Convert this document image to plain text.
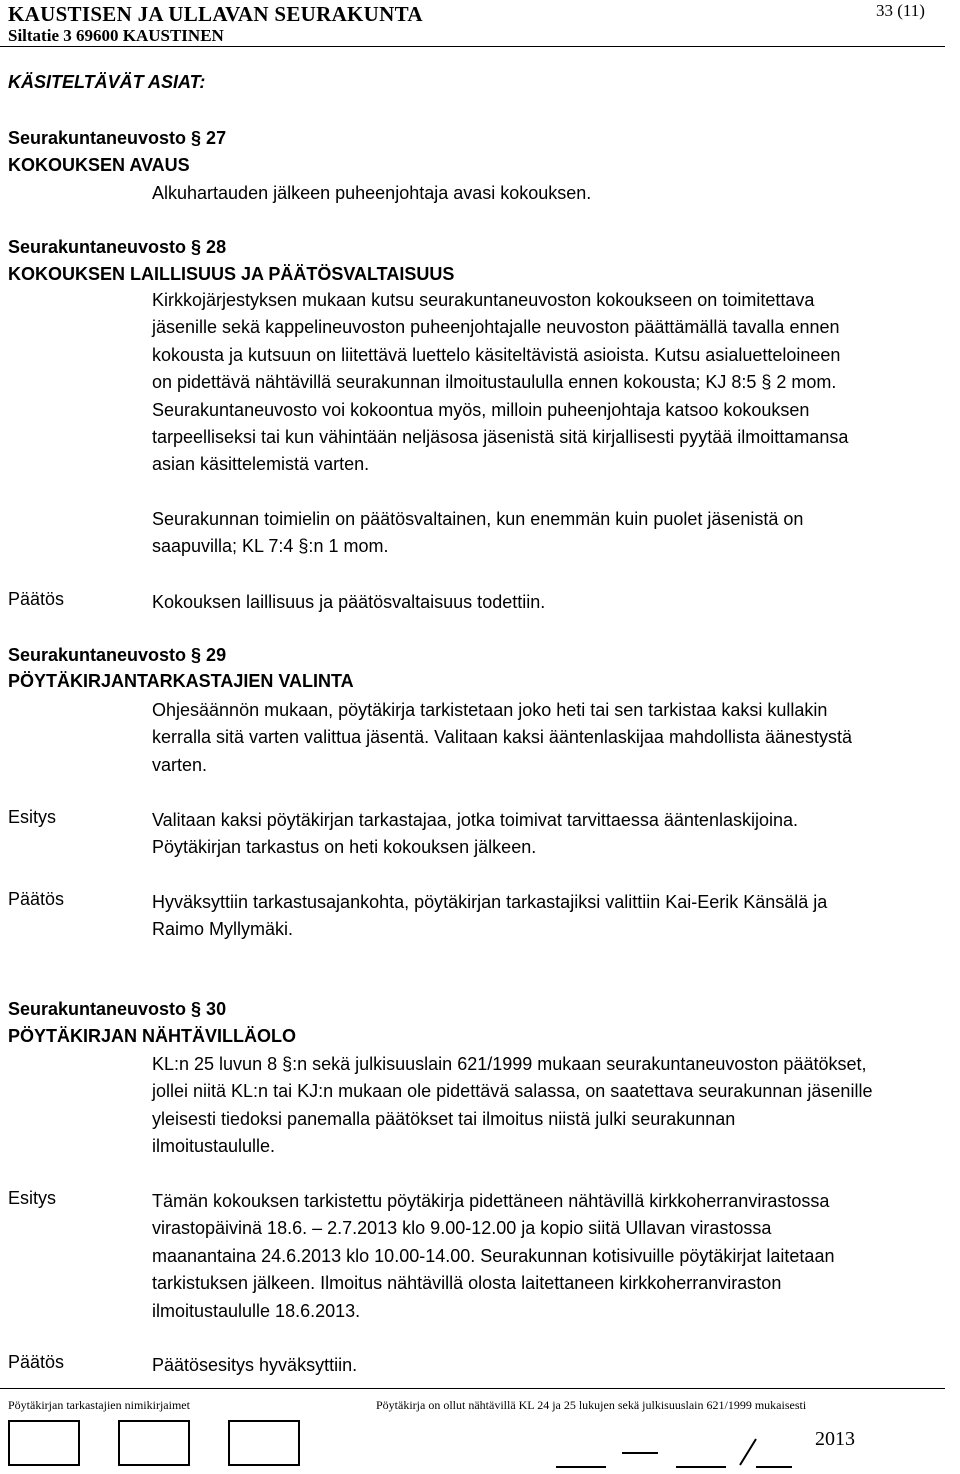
KAUSTISEN JA ULLAVAN SEURAKUNTA
Siltatie 3 69600 KAUSTINEN
33 (11)
KÄSITELTÄVÄT ASIAT:
Seurakuntaneuvosto § 27
KOKOUKSEN AVAUS
Alkuhartauden jälkeen puheenjohtaja avasi kokouksen.
Seurakuntaneuvosto § 28
KOKOUKSEN LAILLISUUS JA PÄÄTÖSVALTAISUUS
Kirkkojärjestyksen mukaan kutsu seurakuntaneuvoston kokoukseen on toimitettava
jäsenille sekä kappelineuvoston puheenjohtajalle neuvoston päättämällä tavalla ennen
kokousta ja kutsuun on liitettävä luettelo käsiteltävistä asioista. Kutsu asialuetteloineen
on pidettävä nähtävillä seurakunnan ilmoitustaululla ennen kokousta; KJ 8:5 § 2 mom.
Seurakuntaneuvosto voi kokoontua myös, milloin puheenjohtaja katsoo kokouksen
tarpeelliseksi tai kun vähintään neljäsosa jäsenistä sitä kirjallisesti pyytää ilmoittamansa
asian käsittelemistä varten.
Seurakunnan toimielin on päätösvaltainen, kun enemmän kuin puolet jäsenistä on
saapuvilla; KL 7:4 §:n 1 mom.
Päätös	Kokouksen laillisuus ja päätösvaltaisuus todettiin.
Seurakuntaneuvosto § 29
PÖYTÄKIRJANTARKASTAJIEN VALINTA
Ohjesäännön mukaan, pöytäkirja tarkistetaan joko heti tai sen tarkistaa kaksi kullakin
kerralla sitä varten valittua jäsentä. Valitaan kaksi ääntenlaskijaa mahdollista äänestystä
varten.
Esitys	Valitaan kaksi pöytäkirjan tarkastajaa, jotka toimivat tarvittaessa ääntenlaskijoina.
Pöytäkirjan tarkastus on heti kokouksen jälkeen.
Päätös	Hyväksyttiin tarkastusajankohta, pöytäkirjan tarkastajiksi valittiin Kai-Eerik Känsälä ja
Raimo Myllymäki.
Seurakuntaneuvosto § 30
PÖYTÄKIRJAN NÄHTÄVILLÄOLO
KL:n 25 luvun 8 §:n sekä julkisuuslain 621/1999 mukaan seurakuntaneuvoston päätökset,
jollei niitä KL:n tai KJ:n mukaan ole pidettävä salassa, on saatettava seurakunnan jäsenille
yleisesti tiedoksi panemalla päätökset tai ilmoitus niistä julki seurakunnan
ilmoitustaululle.
Esitys	Tämän kokouksen tarkistettu pöytäkirja pidettäneen nähtävillä kirkkoherranvirastossa
virastopäivinä 18.6. – 2.7.2013 klo 9.00-12.00 ja kopio siitä Ullavan virastossa
maanantaina 24.6.2013 klo 10.00-14.00. Seurakunnan kotisivuille pöytäkirjat laitetaan
tarkistuksen jälkeen. Ilmoitus nähtävillä olosta laitettaneen kirkkoherranviraston
ilmoitustaululle 18.6.2013.
Päätös	Päätösesitys hyväksyttiin.
Pöytäkirjan tarkastajien nimikirjaimet	Pöytäkirja on ollut nähtävillä KL 24 ja 25 lukujen sekä julkisuuslain 621/1999 mukaisesti
2013
